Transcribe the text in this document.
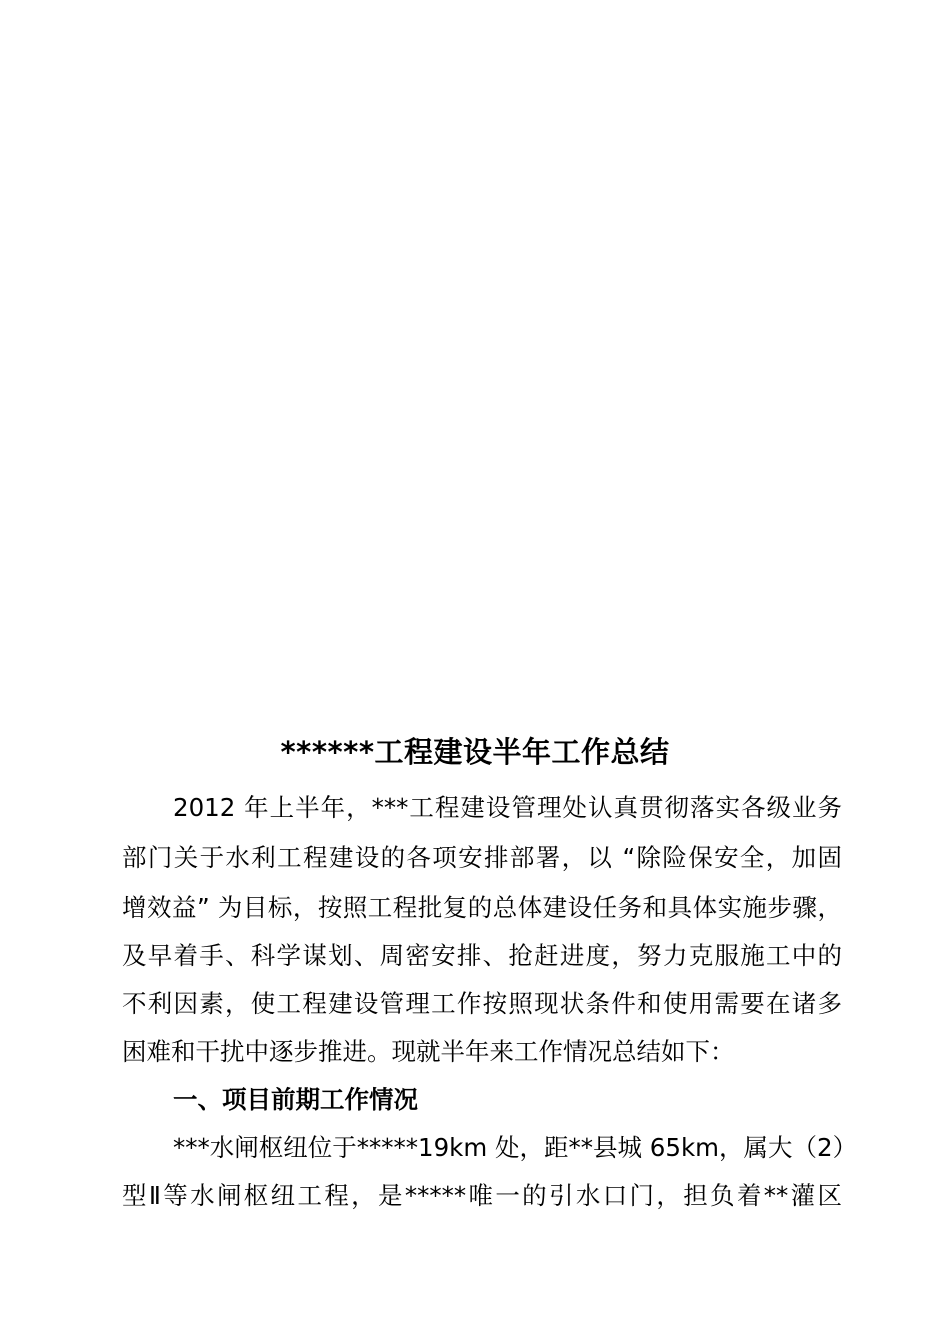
******工程建设半年工作总结
2012 年上半年，***工程建设管理处认真贯彻落实各级业务
部门关于水利工程建设的各项安排部署，以 “除险保安全，加固
增效益” 为目标，按照工程批复的总体建设任务和具体实施步骤，
及早着手、科学谋划、周密安排、抢赶进度，努力克服施工中的
不利因素，使工程建设管理工作按照现状条件和使用需要在诸多
困难和干扰中逐步推进。现就半年来工作情况总结如下：
一、项目前期工作情况
***水闸枢纽位于*****19km 处，距**县城 65km，属大（2）
型Ⅱ等水闸枢纽工程，是*****唯一的引水口门，担负着**灌区
